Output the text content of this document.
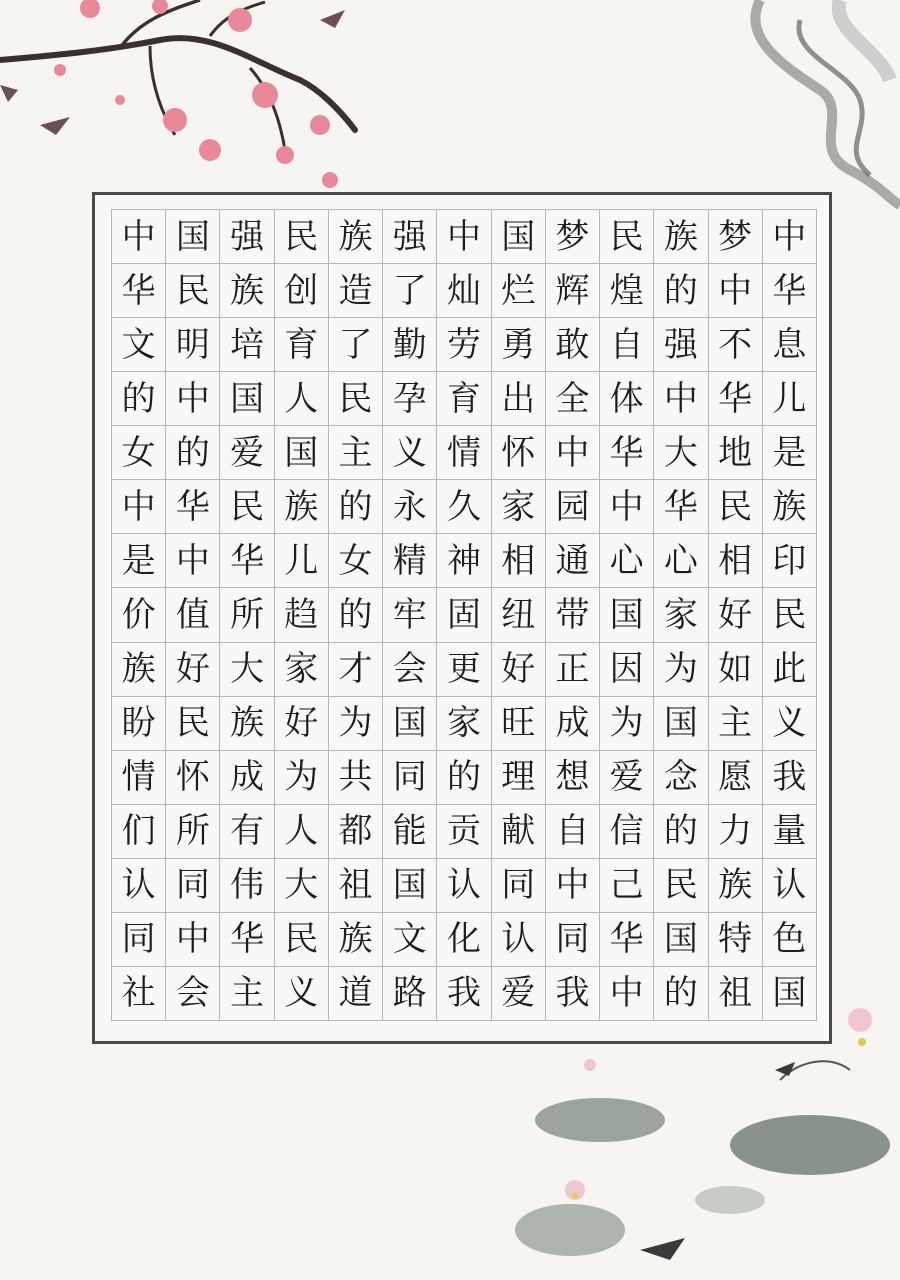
中 国 强 民 族 强 中 国 梦 民 族 梦 中
华 民 族 创 造 了 灿 烂 辉 煌 的 中 华
文 明 培 育 了 勤 劳 勇 敢 自 强 不 息
的 中 国 人 民 孕 育 出 全 体 中 华 儿
女 的 爱 国 主 义 情 怀 中 华 大 地 是
中 华 民 族 的 永 久 家 园 中 华 民 族
是 中 华 儿 女 精 神 相 通 心 心 相 印
价 值 所 趋 的 牢 固 纽 带 国 家 好 民
族 好 大 家 才 会 更 好 正 因 为 如 此
盼 民 族 好 为 国 家 旺 成 为 国 主 义
情 怀 成 为 共 同 的 理 想 爱 念 愿 我
们 所 有 人 都 能 贡 献 自 信 的 力 量
认 同 伟 大 祖 国 认 同 中 己 民 族 认
同 中 华 民 族 文 化 认 同 华 国 特 色
社 会 主 义 道 路 我 爱 我 中 的 祖 国
